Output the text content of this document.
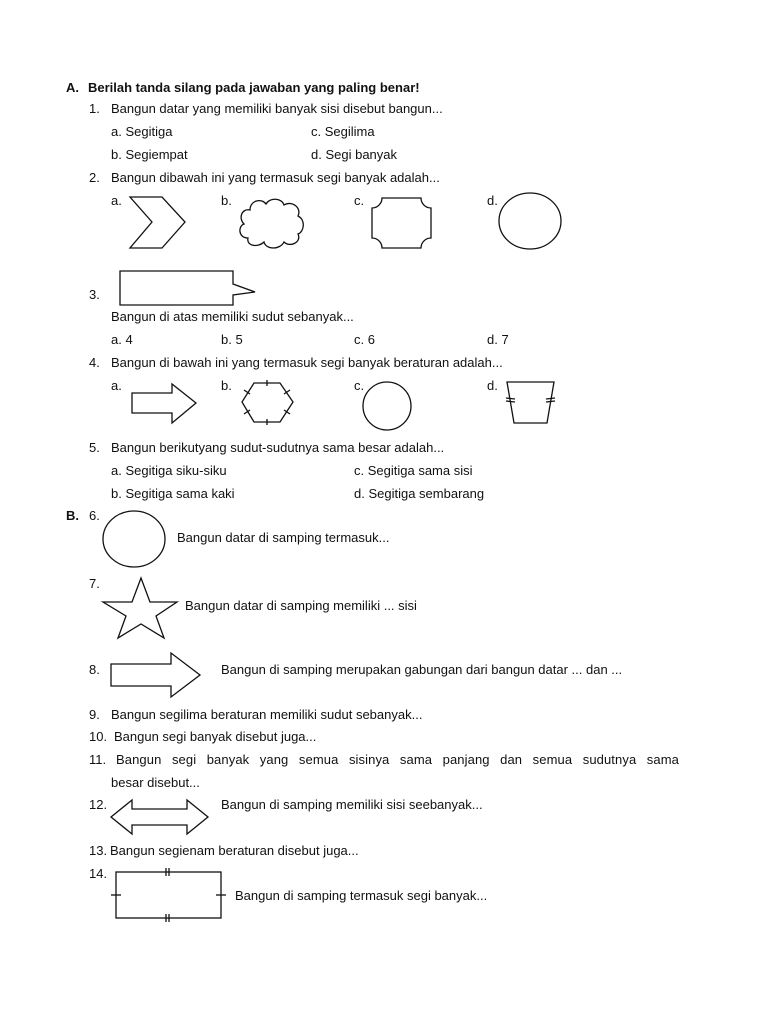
A. Berilah tanda silang pada jawaban yang paling benar!
1. Bangun datar yang memiliki banyak sisi disebut bangun...
a. Segitiga	c. Segilima
b. Segiempat	d. Segi banyak
2. Bangun dibawah ini yang termasuk segi banyak adalah...
a.	b.	c.	d.
3.
Bangun di atas memiliki sudut sebanyak...
a. 4	b. 5	c. 6	d. 7
4. Bangun di bawah ini yang termasuk segi banyak beraturan adalah...
a.	b.	c.	d.
5. Bangun berikutyang sudut-sudutnya sama besar adalah...
a. Segitiga siku-siku	c. Segitiga sama sisi
b. Segitiga sama kaki	d. Segitiga sembarang
B. 6.
Bangun datar di samping termasuk...
7.
Bangun datar di samping memiliki ... sisi
8.	Bangun di samping merupakan gabungan dari bangun datar ... dan ...
9. Bangun segilima beraturan memiliki sudut sebanyak...
10. Bangun segi banyak disebut juga...
11. Bangun segi banyak yang semua sisinya sama panjang dan semua sudutnya sama
besar disebut...
12.	Bangun di samping memiliki sisi seebanyak...
13. Bangun segienam beraturan disebut juga...
14.
Bangun di samping termasuk segi banyak...
